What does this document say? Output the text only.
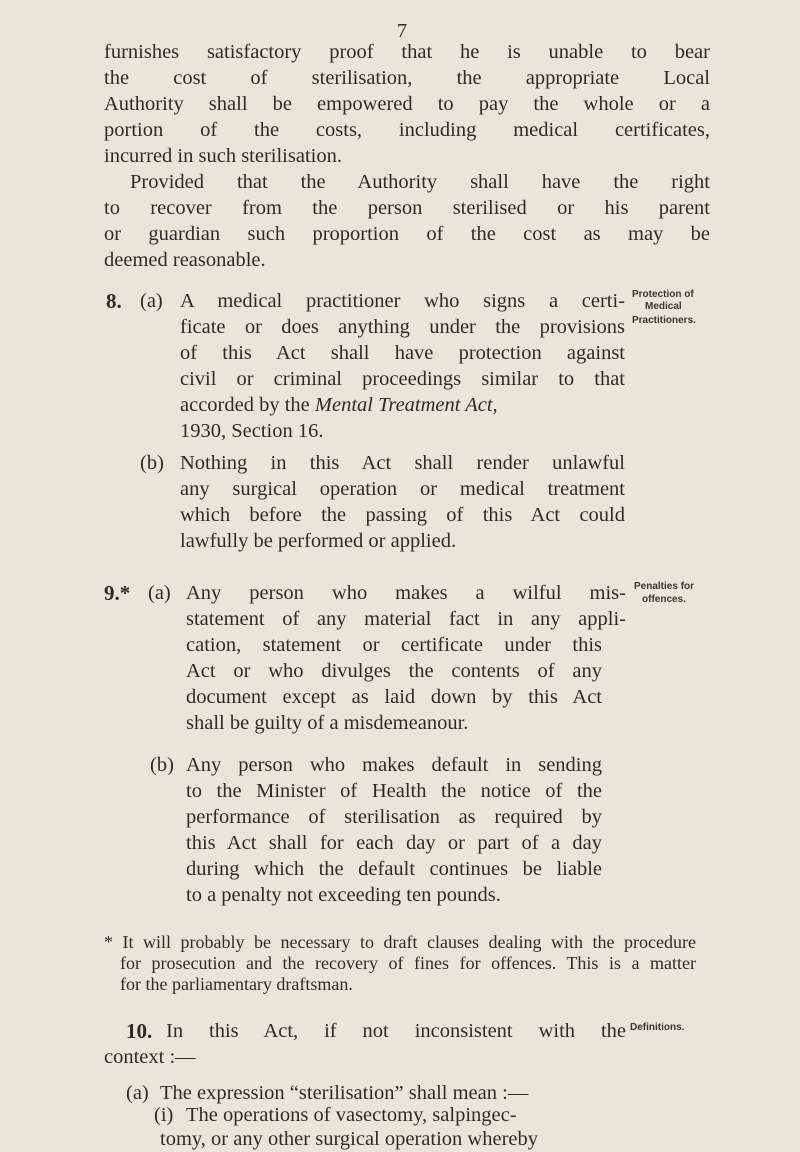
7
furnishes satisfactory proof that he is unable to bear
the cost of sterilisation, the appropriate Local
Authority shall be empowered to pay the whole or a
portion of the costs, including medical certificates,
incurred in such sterilisation.
Provided that the Authority shall have the right
to recover from the person sterilised or his parent
or guardian such proportion of the cost as may be
deemed reasonable.
8. (a) A medical practitioner who signs a certi-
ficate or does anything under the provisions
of this Act shall have protection against
civil or criminal proceedings similar to that
accorded by the Mental Treatment Act,
1930, Section 16.
(b) Nothing in this Act shall render unlawful
any surgical operation or medical treatment
which before the passing of this Act could
lawfully be performed or applied.
Protection of
Medical
Practitioners.
9.* (a) Any person who makes a wilful mis-
statement of any material fact in any appli-
cation, statement or certificate under this
Act or who divulges the contents of any
document except as laid down by this Act
shall be guilty of a misdemeanour.
(b) Any person who makes default in sending
to the Minister of Health the notice of the
performance of sterilisation as required by
this Act shall for each day or part of a day
during which the default continues be liable
to a penalty not exceeding ten pounds.
Penalties for
offences.
* It will probably be necessary to draft clauses dealing with the procedure
for prosecution and the recovery of fines for offences. This is a matter
for the parliamentary draftsman.
10. In this Act, if not inconsistent with the
context :—
Definitions.
(a) The expression “sterilisation” shall mean :—
(i) The operations of vasectomy, salpingec-
tomy, or any other surgical operation whereby
